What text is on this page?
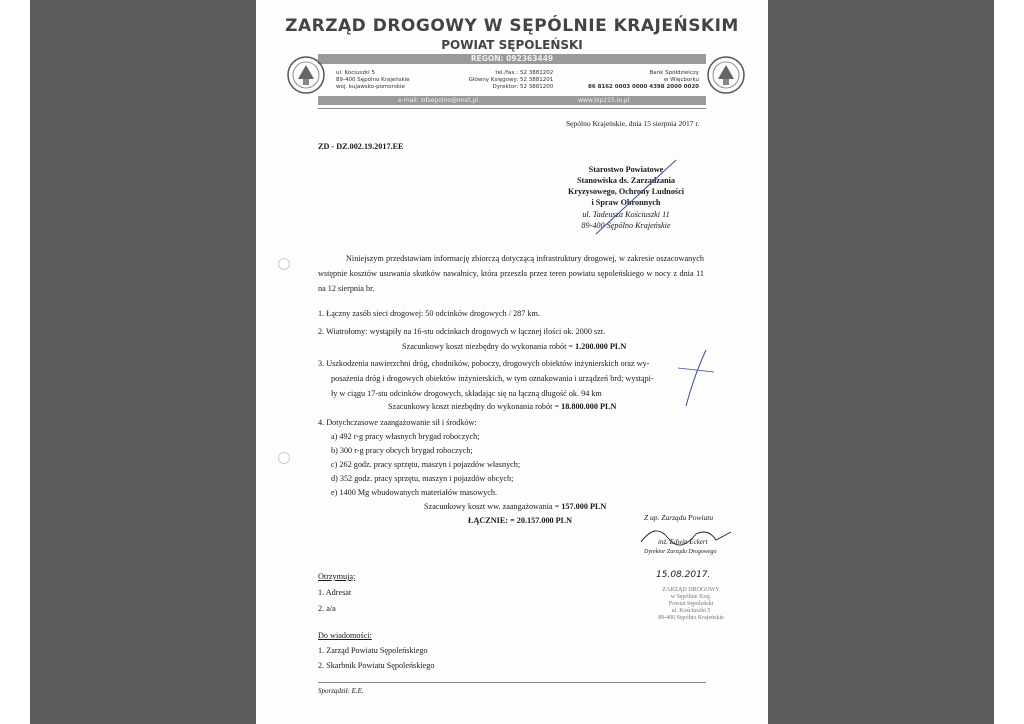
ZARZĄD DROGOWY W SĘPÓLNIE KRAJEŃSKIM
POWIAT SĘPOLEŃSKI
REGON: 092363449
ul. Kociuszki 5
89-400 Sępólno Krajeńskie
woj. kujawsko-pomorskie
tel./fax.: 52 3881202
Główny Księgowy: 52 3881201
Dyrektor: 52 3881200
Bank Spółdzielczy
w Więcborku
86 8162 0003 0000 4398 2000 0020
e-mail: zdsepolno@onet.pl	www.bip215.io.pl
Sępólno Krajeńskie, dnia 15 sierpnia 2017 r.
ZD - DZ.002.19.2017.EE
Starostwo Powiatowe
Stanowiska ds. Zarządzania
Kryzysowego, Ochrony Ludności
i Spraw Obronnych
ul. Tadeusza Kościuszki 11
89-400 Sępólno Krajeńskie
Niniejszym przedstawiam informację zbiorczą dotyczącą infrastruktury drogowej, w zakresie oszacowanych wstępnie kosztów usuwania skutków nawałnicy, która przeszła przez teren powiatu sępoleńskiego w nocy z dnia 11 na 12 sierpnia br.
1. Łączny zasób sieci drogowej: 50 odcinków drogowych / 287 km.
2. Wiatrołomy: wystąpiły na 16-stu odcinkach drogowych w łącznej ilości ok. 2000 szt.
Szacunkowy koszt niezbędny do wykonania robót = 1.200.000 PLN
3. Uszkodzenia nawierzchni dróg, chodników, poboczy, drogowych obiektów inżynierskich oraz wy-
posażenia dróg i drogowych obiektów inżynierskich, w tym oznakowania i urządzeń brd; wystąpi-
ły w ciągu 17-stu odcinków drogowych, składając się na łączną długość ok. 94 km
Szacunkowy koszt niezbędny do wykonania robót = 18.800.000 PLN
4. Dotychczasowe zaangażowanie sił i środków:
a) 492 r-g pracy własnych brygad roboczych;
b) 300 r-g pracy obcych brygad roboczych;
c) 262 godz. pracy sprzętu, maszyn i pojazdów własnych;
d) 352 godz. pracy sprzętu, maszyn i pojazdów obcych;
e) 1400 Mg wbudowanych materiałów masowych.
Szacunkowy koszt ww. zaangażowania = 157.000 PLN
ŁĄCZNIE: = 20.157.000 PLN	Z up. Zarządu Powiatu
inż. Edwin Eckert
Dyrektor Zarządu Drogowego
15.08.2017.
ZARZĄD DROGOWY
w Sępólnie Kraj.
Powiat Sępoleński
ul. Kościuszki 5
89-400 Sępólno Krajeńskie
Otrzymują:
1. Adresat
2. a/a
Do wiadomości:
1. Zarząd Powiatu Sępoleńskiego
2. Skarbnik Powiatu Sępoleńskiego
Sporządził: E.E.
